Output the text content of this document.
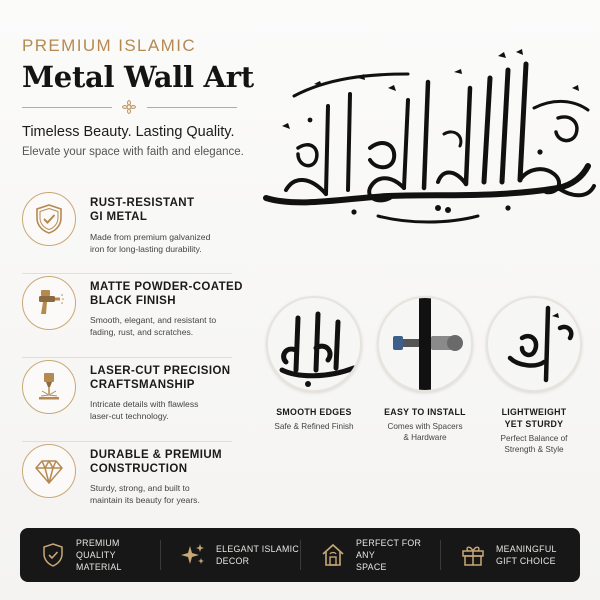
PREMIUM ISLAMIC
Metal Wall Art
Timeless Beauty. Lasting Quality.
Elevate your space with faith and elegance.
RUST-RESISTANT
GI METAL
Made from premium galvanized
iron for long-lasting durability.
MATTE POWDER-COATED
BLACK FINISH
Smooth, elegant, and resistant to
fading, rust, and scratches.
LASER-CUT PRECISION
CRAFTSMANSHIP
Intricate details with flawless
laser-cut technology.
DURABLE & PREMIUM
CONSTRUCTION
Sturdy, strong, and built to
maintain its beauty for years.
SMOOTH EDGES
Safe & Refined Finish
EASY TO INSTALL
Comes with Spacers
& Hardware
LIGHTWEIGHT
YET STURDY
Perfect Balance of
Strength & Style
PREMIUM QUALITY
MATERIAL
ELEGANT ISLAMIC
DECOR
PERFECT FOR ANY
SPACE
MEANINGFUL
GIFT CHOICE
